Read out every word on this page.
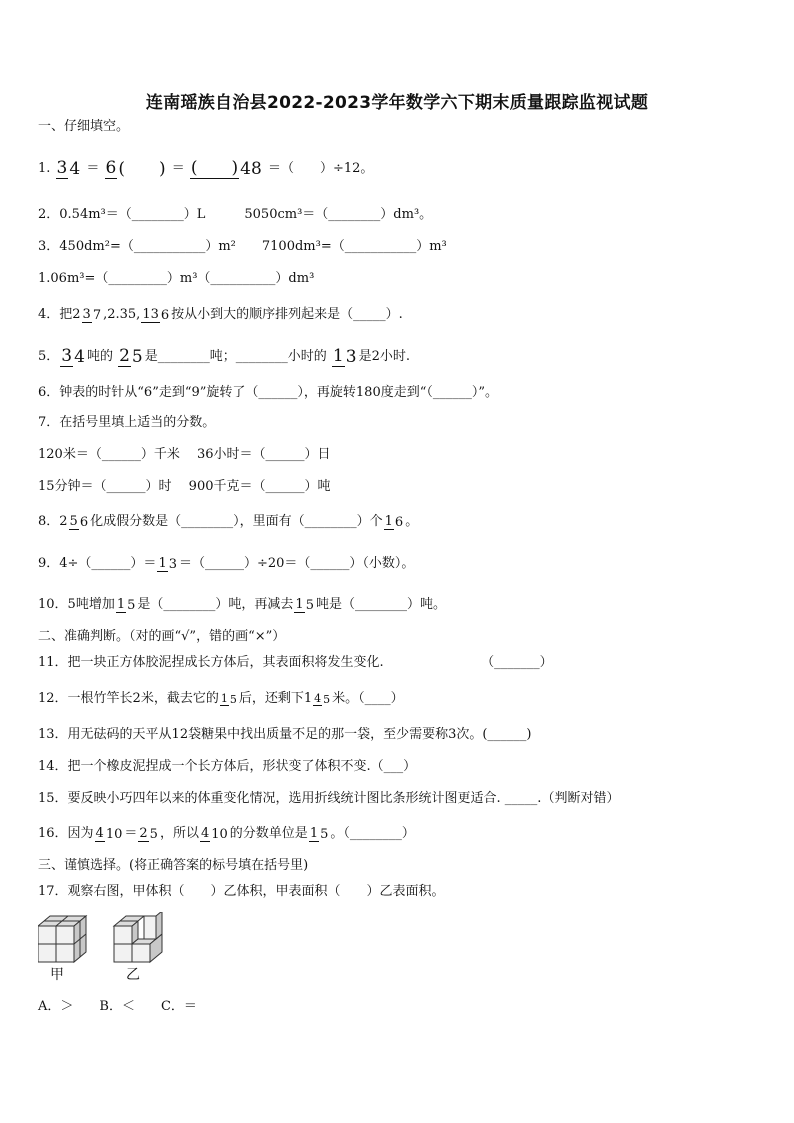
连南瑶族自治县2022-2023学年数学六下期末质量跟踪监视试题
一、仔细填空。
1. 3 4 ＝ 6 (　　) ＝ (　　) 48 ＝（　　）÷12。
2．0.54m³＝（________）L　　　5050cm³＝（________）dm³。
3．450dm²=（___________）m²　　7100dm³=（___________）m³
1.06m³=（_________）m³（__________）dm³
4．把2 3 7 ,2.35, 13 6 按从小到大的顺序排列起来是（_____）.
5． 3 4 吨的 2 5 是________吨；________小时的 1 3 是2小时.
6．钟表的时针从“6”走到“9”旋转了（______），再旋转180度走到“（______）”。
7．在括号里填上适当的分数。
120米＝（______）千米　 36小时＝（______）日
15分钟＝（______）时　 900千克＝（______）吨
8．2 5 6 化成假分数是（________），里面有（________）个 1 6 。
9．4÷（______）＝ 1 3 ＝（______）÷20＝（______）（小数）。
10．5吨增加 1 5 是（________）吨，再减去 1 5 吨是（________）吨。
二、准确判断。（对的画“√”，错的画“×”）
11．把一块正方体胶泥捏成长方体后，其表面积将发生变化.　　　　　　　　（_______）
12．一根竹竿长2米，截去它的 1 5 后，还剩下1 4 5 米。（____）
13．用无砝码的天平从12袋糖果中找出质量不足的那一袋，至少需要称3次。(______)
14．把一个橡皮泥捏成一个长方体后，形状变了体积不变.（___）
15．要反映小巧四年以来的体重变化情况，选用折线统计图比条形统计图更适合. _____.（判断对错）
16．因为 4 10 ＝ 2 5 ，所以 4 10 的分数单位是 1 5 。（________）
三、谨慎选择。(将正确答案的标号填在括号里)
17．观察右图，甲体积（　　）乙体积，甲表面积（　　）乙表面积。
甲	乙
A．＞　　B．＜　　C．＝
